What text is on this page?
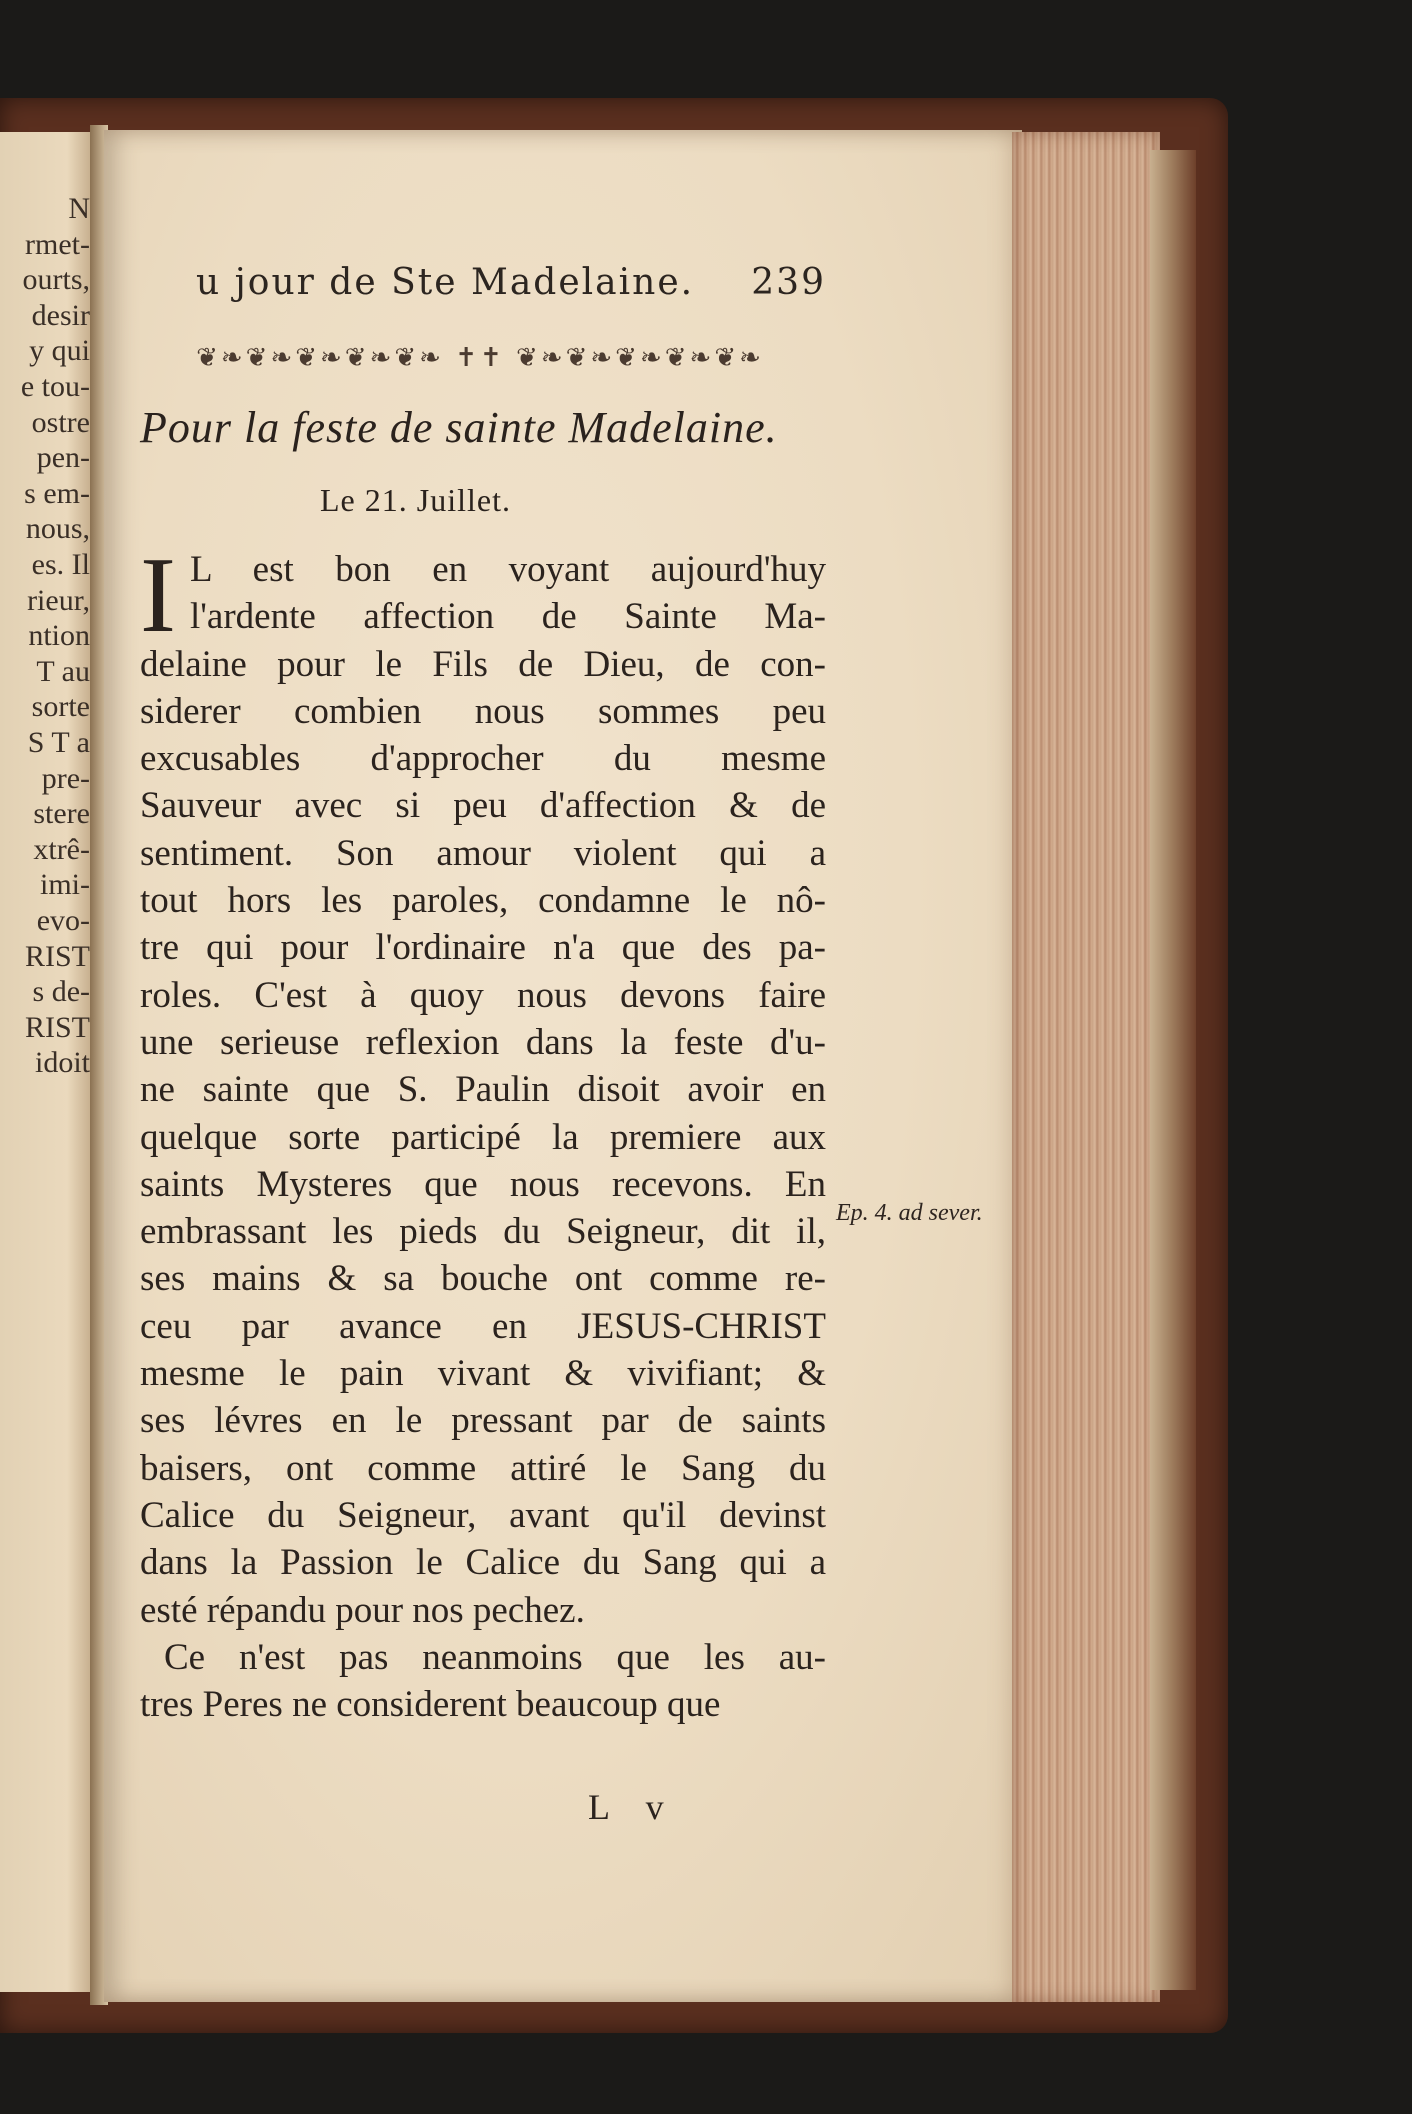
N
rmet-
ourts,
desir
y qui
e tou-
ostre
pen-
s em-
nous,
es. Il
rieur,
ntion
T au
sorte
S T a
pre-
stere
xtrê-
imi-
evo-
RIST
s de-
RIST
idoit
u jour de Ste Madelaine. 239
❦❧❦❧❦❧❦❧❦❧ ✝✝ ❦❧❦❧❦❧❦❧❦❧
Pour la feste de sainte Madelaine.
Le 21. Juillet.
I L est bon en voyant aujourd'huy
l'ardente affection de Sainte Ma-
delaine pour le Fils de Dieu, de con-
siderer combien nous sommes peu
excusables d'approcher du mesme
Sauveur avec si peu d'affection & de
sentiment. Son amour violent qui a
tout hors les paroles, condamne le nô-
tre qui pour l'ordinaire n'a que des pa-
roles. C'est à quoy nous devons faire
une serieuse reflexion dans la feste d'u-
ne sainte que S. Paulin disoit avoir en
quelque sorte participé la premiere aux
saints Mysteres que nous recevons. En
embrassant les pieds du Seigneur, dit il,
ses mains & sa bouche ont comme re-
ceu par avance en JESUS-CHRIST
mesme le pain vivant & vivifiant; &
ses lévres en le pressant par de saints
baisers, ont comme attiré le Sang du
Calice du Seigneur, avant qu'il devinst
dans la Passion le Calice du Sang qui a
esté répandu pour nos pechez.
Ce n'est pas neanmoins que les au-
tres Peres ne considerent beaucoup que
Ep. 4. ad sever.
L v
